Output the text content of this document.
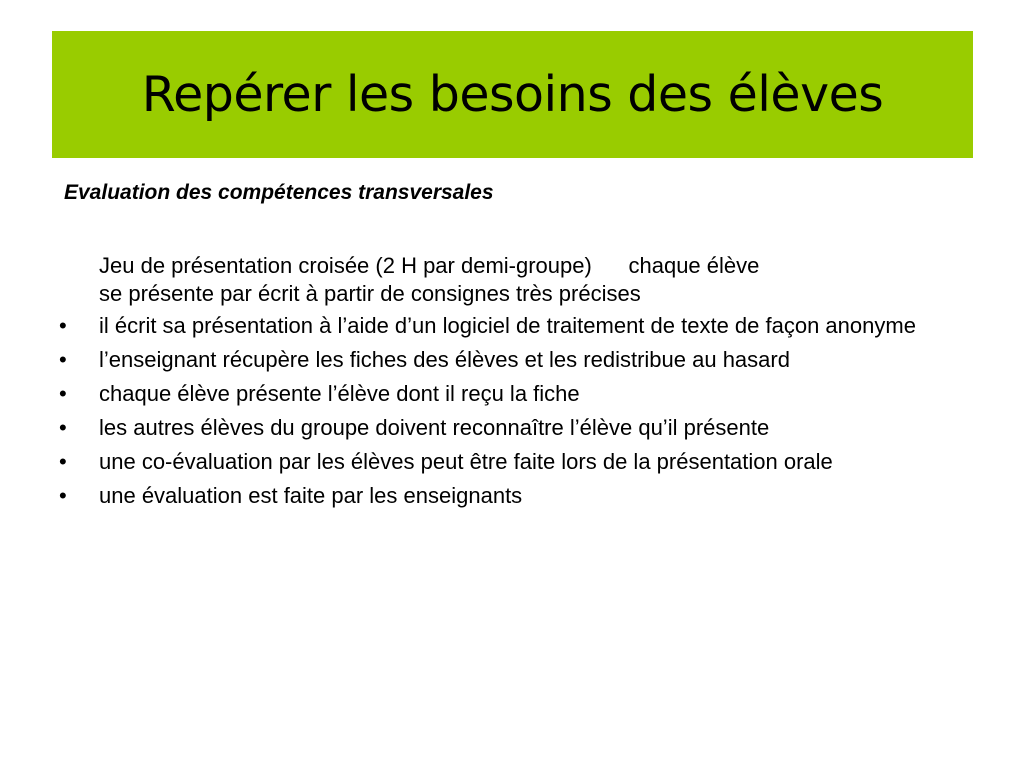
Repérer les besoins des élèves
Evaluation des compétences transversales
Jeu de présentation croisée (2 H par demi-groupe)      chaque élève
se présente par écrit à partir de consignes très précises
• il écrit sa présentation à l’aide d’un logiciel de traitement de texte de façon anonyme
• l’enseignant récupère les fiches des élèves et les redistribue au hasard
• chaque élève présente l’élève dont il reçu la fiche
• les autres élèves du groupe doivent reconnaître l’élève qu’il présente
• une co-évaluation par les élèves peut être faite lors de la présentation orale
• une évaluation est faite par les enseignants
